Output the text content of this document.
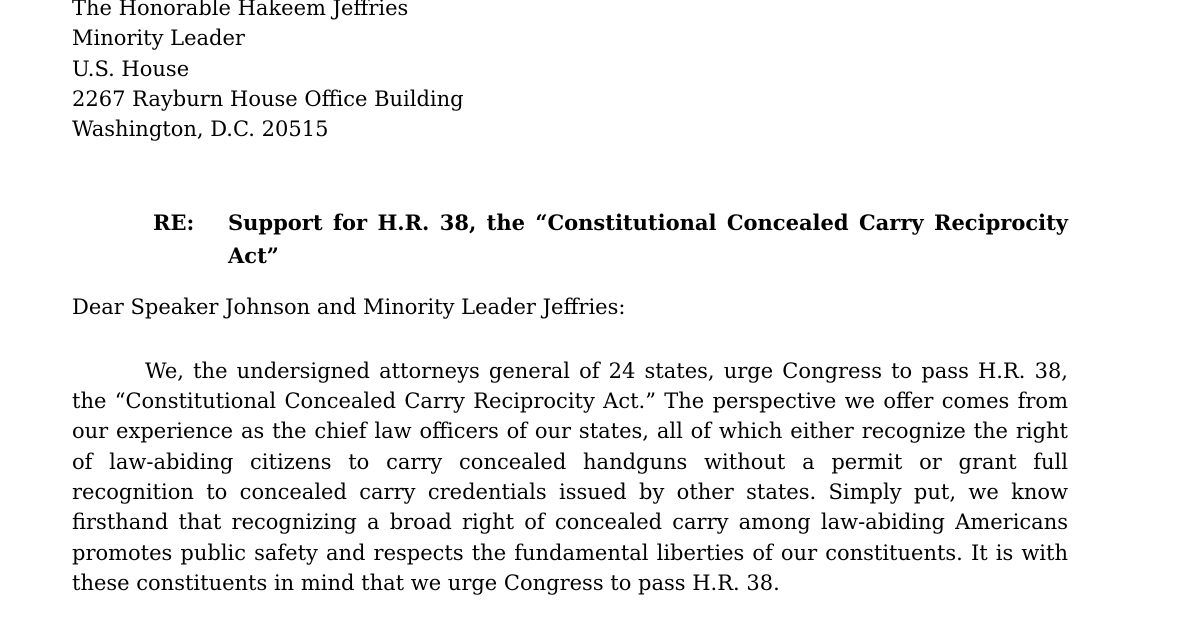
The Honorable Hakeem Jeffries
Minority Leader
U.S. House
2267 Rayburn House Office Building
Washington, D.C. 20515
RE: Support for H.R. 38, the “Constitutional Concealed Carry Reciprocity Act”

Dear Speaker Johnson and Minority Leader Jeffries:

We, the undersigned attorneys general of 24 states, urge Congress to pass H.R. 38, the “Constitutional Concealed Carry Reciprocity Act.” The perspective we offer comes from our experience as the chief law officers of our states, all of which either recognize the right of law-abiding citizens to carry concealed handguns without a permit or grant full recognition to concealed carry credentials issued by other states. Simply put, we know firsthand that recognizing a broad right of concealed carry among law-abiding Americans promotes public safety and respects the fundamental liberties of our constituents. It is with these constituents in mind that we urge Congress to pass H.R. 38.
